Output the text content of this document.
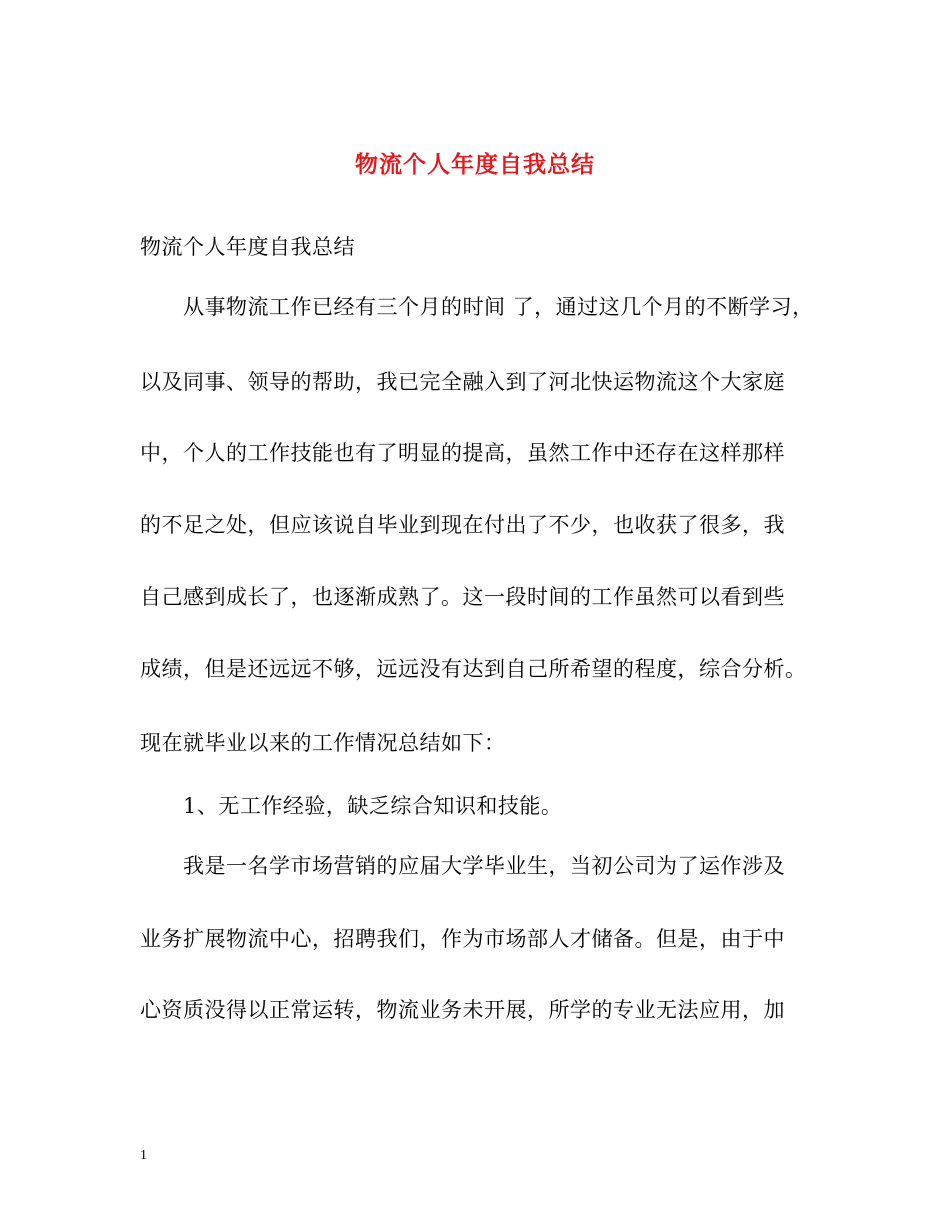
物流个人年度自我总结
物流个人年度自我总结
从事物流工作已经有三个月的时间 了，通过这几个月的不断学习，
以及同事、领导的帮助，我已完全融入到了河北快运物流这个大家庭
中，个人的工作技能也有了明显的提高，虽然工作中还存在这样那样
的不足之处，但应该说自毕业到现在付出了不少，也收获了很多，我
自己感到成长了，也逐渐成熟了。这一段时间的工作虽然可以看到些
成绩，但是还远远不够，远远没有达到自己所希望的程度，综合分析。
现在就毕业以来的工作情况总结如下：
1、无工作经验，缺乏综合知识和技能。
我是一名学市场营销的应届大学毕业生，当初公司为了运作涉及
业务扩展物流中心，招聘我们，作为市场部人才储备。但是，由于中
心资质没得以正常运转，物流业务未开展，所学的专业无法应用，加
1
